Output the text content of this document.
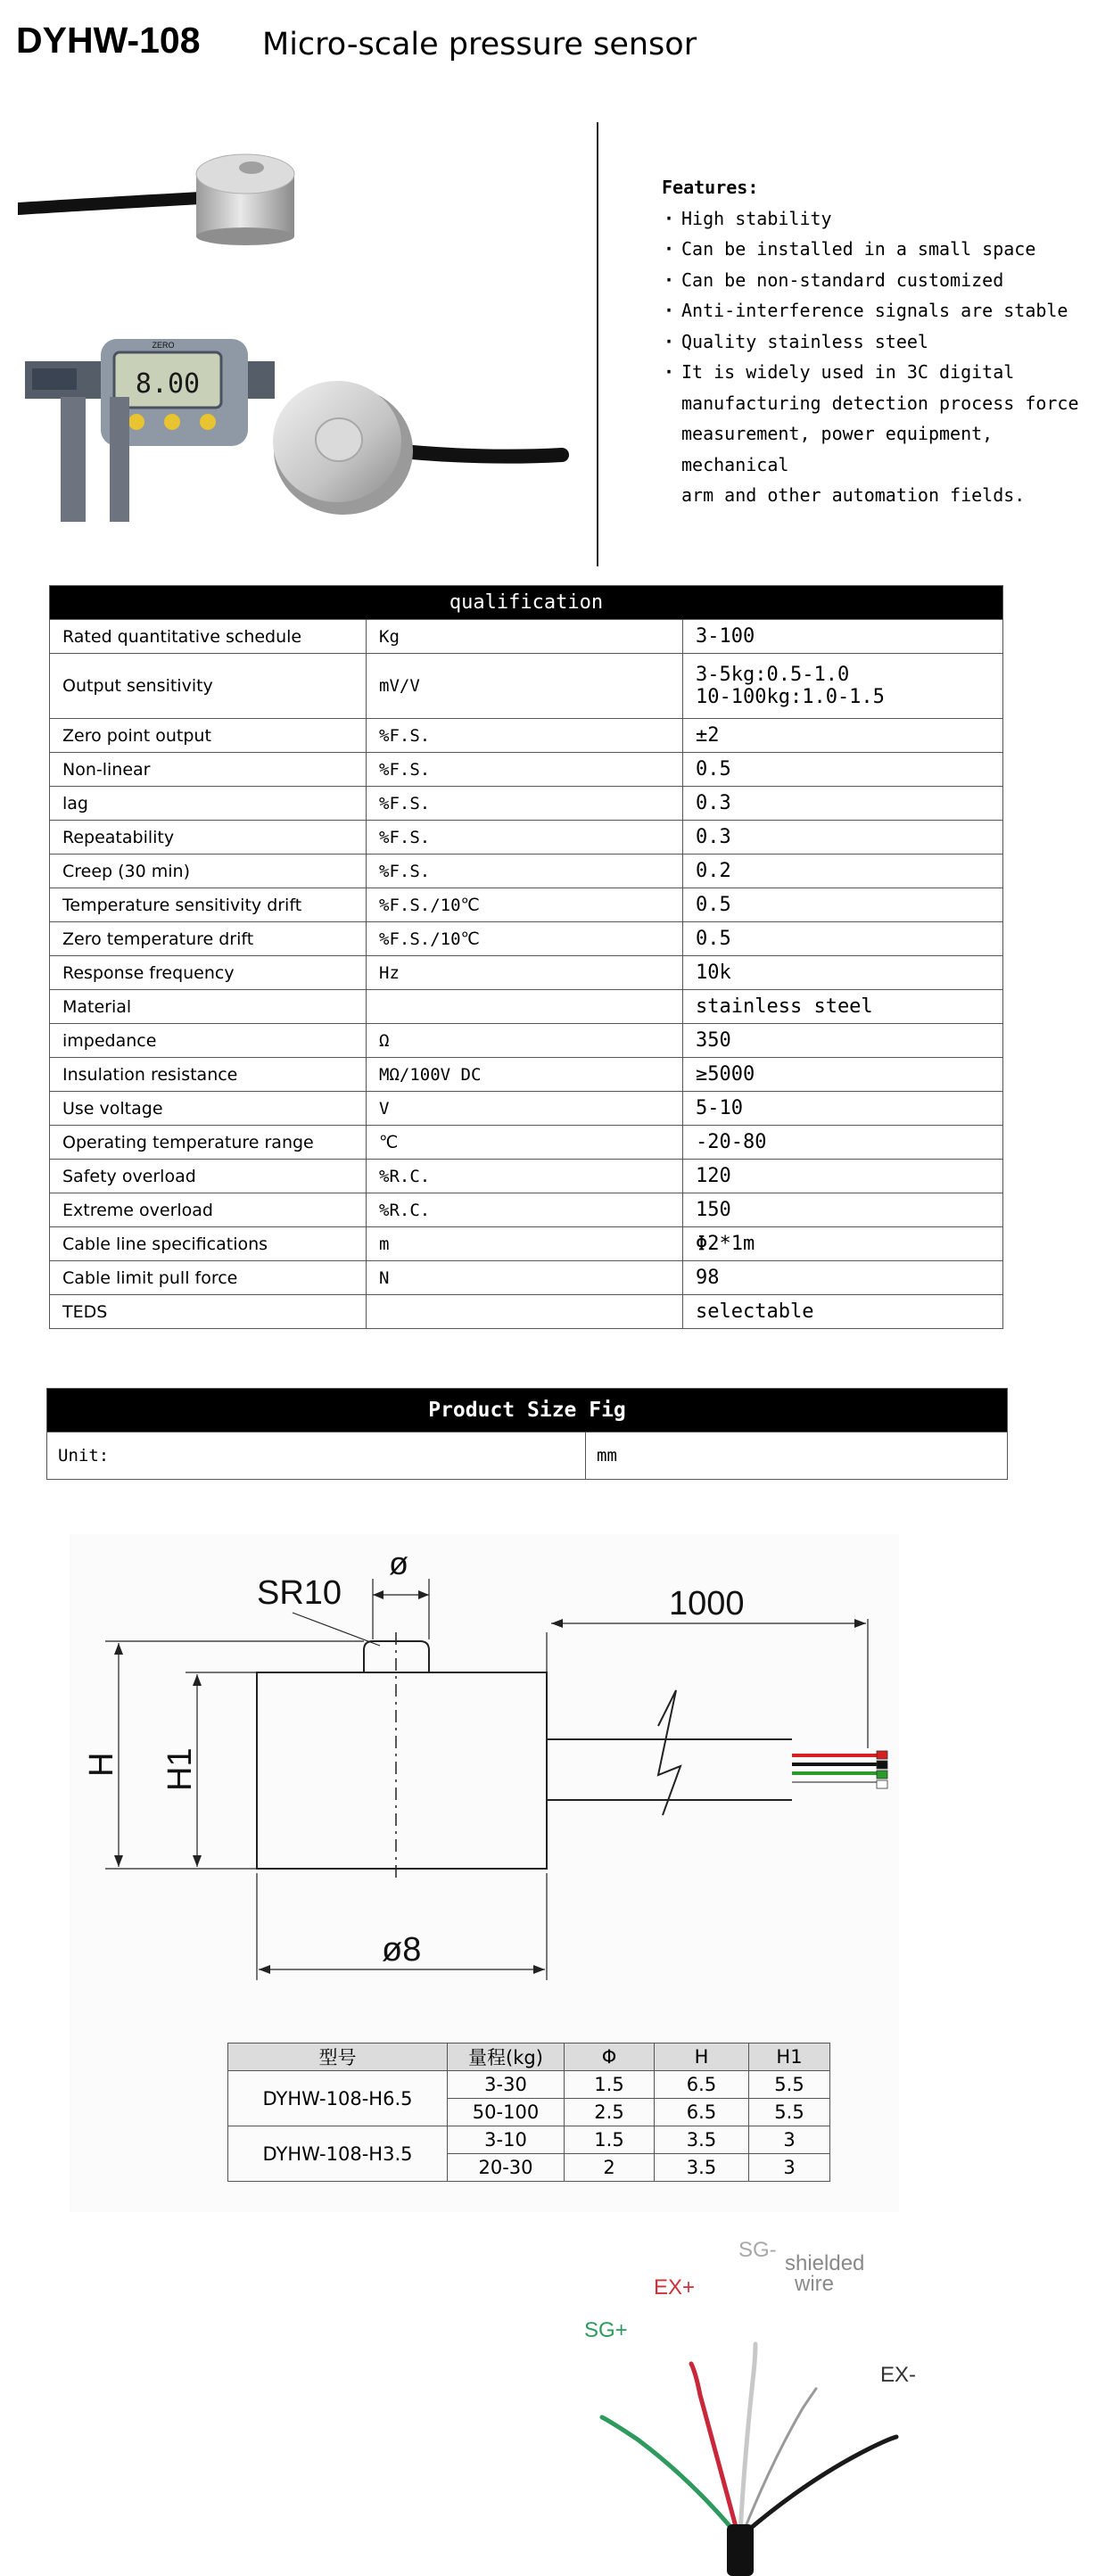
DYHW-108 Micro-scale pressure sensor
ZERO
8.00
Features:
· High stability
· Can be installed in a small space
· Can be non-standard customized
· Anti-interference signals are stable
· Quality stainless steel
· It is widely used in 3C digital
manufacturing detection process force
measurement, power equipment, mechanical
arm and other automation fields.
qualification		
Rated quantitative schedule	Kg	3-100
Output sensitivity	mV/V	3-5kg:0.5-1.0
10-100kg:1.0-1.5

Zero point output	%F.S.	±2
Non-linear	%F.S.	0.5
lag	%F.S.	0.3
Repeatability	%F.S.	0.3
Creep (30 min)	%F.S.	0.2
Temperature sensitivity drift	%F.S./10℃	0.5
Zero temperature drift	%F.S./10℃	0.5
Response frequency	Hz	10k
Material		stainless steel
impedance	Ω	350
Insulation resistance	MΩ/100V DC	≥5000
Use voltage	V	5-10
Operating temperature range	℃	-20-80
Safety overload	%R.C.	120
Extreme overload	%R.C.	150
Cable line specifications	m	Φ2*1m
Cable limit pull force	N	98
TEDS		selectable
Product Size Fig
Unit:	mm
SR10
ø
1000
H H1
ø8
型号	量程(kg)	Φ	H	H1
DYHW-108-H6.5	3-30	1.5	6.5	5.5
	50-100	2.5	6.5	5.5
DYHW-108-H3.5	3-10	1.5	3.5	3
	20-30	2	3.5	3
SG+
EX+
SG-
shielded
wire
EX-
